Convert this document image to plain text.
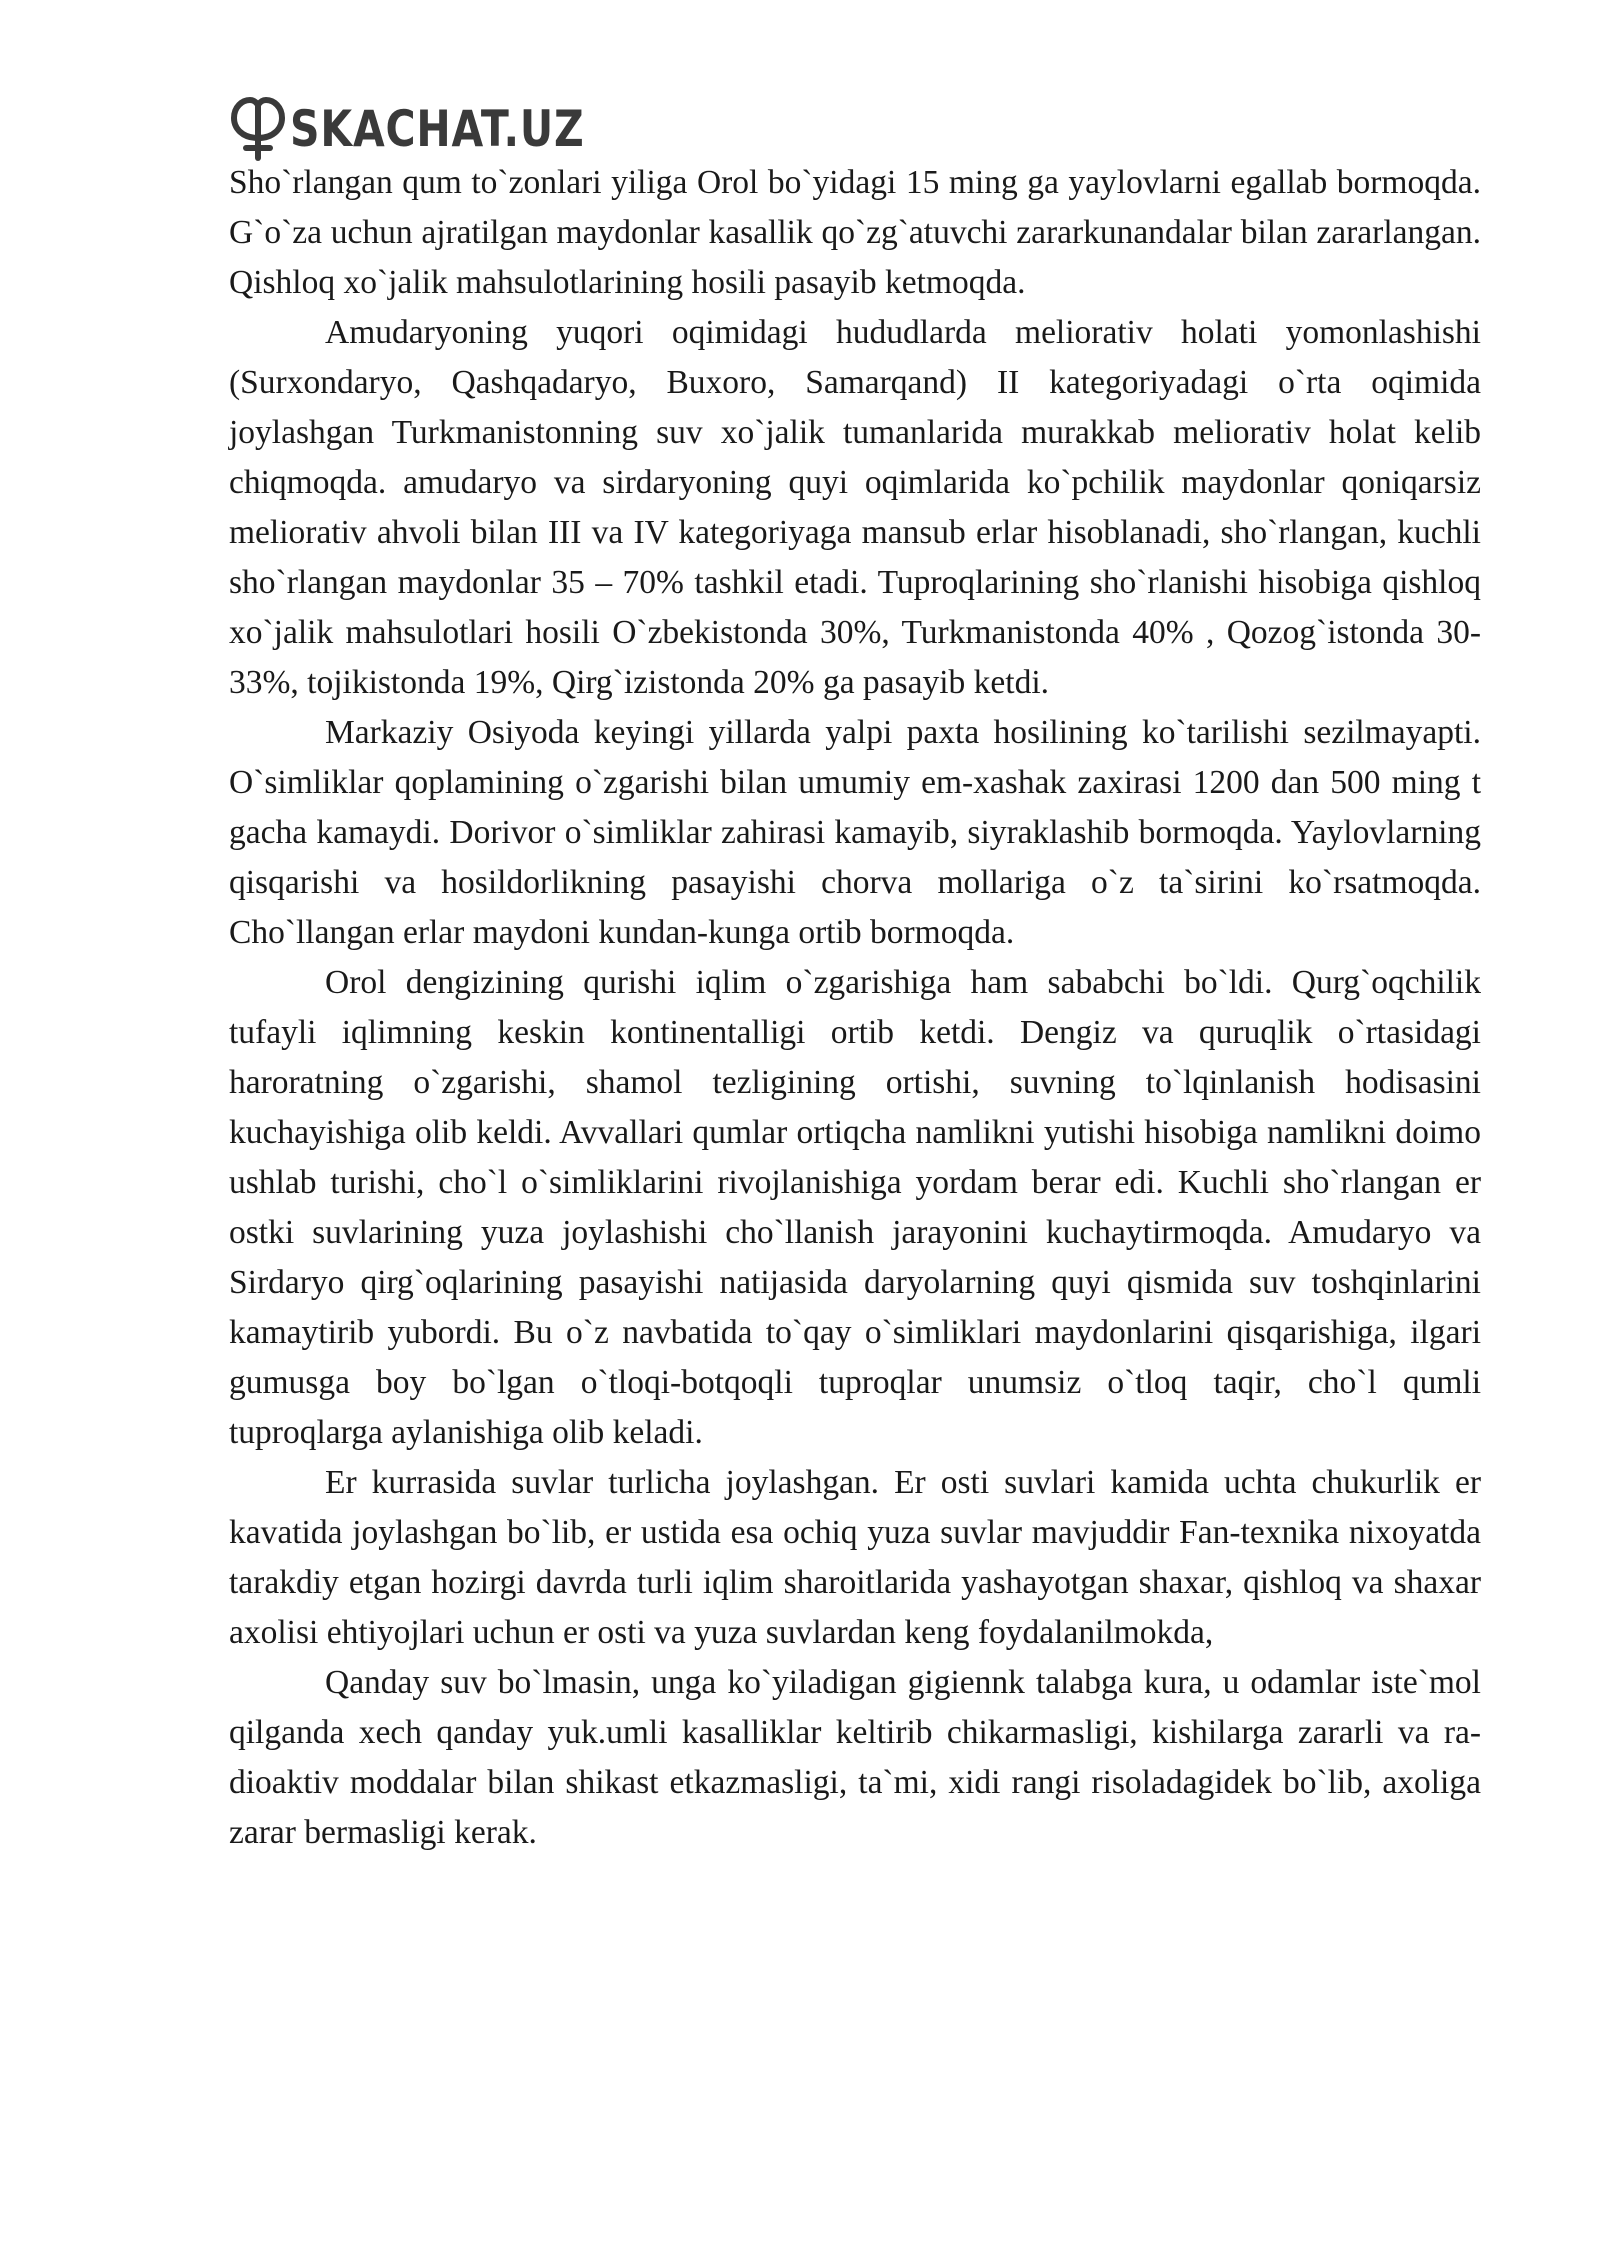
SKACHAT.UZ

Sho`rlangan qum to`zonlari yiliga Orol bo`yidagi 15 ming ga yaylovlarni egallab bormoqda. G`o`za uchun ajratilgan maydonlar kasallik qo`zg`atuvchi zararkunandalar bilan zararlangan. Qishloq xo`jalik mahsulotlarining hosili pasayib ketmoqda.

Amudaryoning yuqori oqimidagi hududlarda meliorativ holati yomonlashishi (Surxondaryo, Qashqadaryo, Buxoro, Samarqand) II kategoriyadagi o`rta oqimida joylashgan Turkmanistonning suv xo`jalik tumanlarida murakkab meliorativ holat kelib chiqmoqda. amudaryo va sirdaryoning quyi oqimlarida ko`pchilik maydonlar qoniqarsiz meliorativ ahvoli bilan III va IV kategoriyaga mansub erlar hisoblanadi, sho`rlangan, kuchli sho`rlangan maydonlar 35 – 70% tashkil etadi. Tuproqlarining sho`rlanishi hisobiga qishloq xo`jalik mahsulotlari hosili O`zbekistonda 30%, Turkmanistonda 40% , Qozog`istonda 30-33%, tojikistonda 19%, Qirg`izistonda 20% ga pasayib ketdi.

Markaziy Osiyoda keyingi yillarda yalpi paxta hosilining ko`tarilishi sezilmayapti. O`simliklar qoplamining o`zgarishi bilan umumiy em-xashak zaxirasi 1200 dan 500 ming t gacha kamaydi. Dorivor o`simliklar zahirasi kamayib, siyraklashib bormoqda. Yaylovlarning qisqarishi va hosildorlikning pasayishi chorva mollariga o`z ta`sirini ko`rsatmoqda. Cho`llangan erlar maydoni kundan-kunga ortib bormoqda.

Orol dengizining qurishi iqlim o`zgarishiga ham sababchi bo`ldi. Qurg`oqchilik tufayli iqlimning keskin kontinentalligi ortib ketdi. Dengiz va quruqlik o`rtasidagi haroratning o`zgarishi, shamol tezligining ortishi, suvning to`lqinlanish hodisasini kuchayishiga olib keldi. Avvallari qumlar ortiqcha namlikni yutishi hisobiga namlikni doimo ushlab turishi, cho`l o`simliklarini rivojlanishiga yordam berar edi. Kuchli sho`rlangan er ostki suvlarining yuza joylashishi cho`llanish jarayonini kuchaytirmoqda. Amudaryo va Sirdaryo qirg`oqlarining pasayishi natijasida daryolarning quyi qismida suv toshqinlarini kamaytirib yubordi. Bu o`z navbatida to`qay o`simliklari maydonlarini qisqarishiga, ilgari gumusga boy bo`lgan o`tloqi-botqoqli tuproqlar unumsiz o`tloq taqir, cho`l qumli tuproqlarga aylanishiga olib keladi.

Er kurrasida suvlar turlicha joylashgan. Er osti suvlari kamida uchta chukurlik er kavatida joylashgan bo`lib, er ustida esa ochiq yuza suvlar mavjuddir Fan-texnika nixoyatda tarakdiy etgan hozirgi davrda turli iqlim sharoitlarida yashayotgan shaxar, qishloq va shaxar axolisi ehtiyojlari uchun er osti va yuza suvlardan keng foydalanilmokda,

Qanday suv bo`lmasin, unga ko`yiladigan gigiennk talabga kura, u odamlar iste`mol qilganda xech qanday yuk.umli kasalliklar keltirib chikarmasligi, kishilarga zararli va ra-dioaktiv moddalar bilan shikast etkazmasligi, ta`mi, xidi rangi risoladagidek bo`lib, axoliga zarar bermasligi kerak.
